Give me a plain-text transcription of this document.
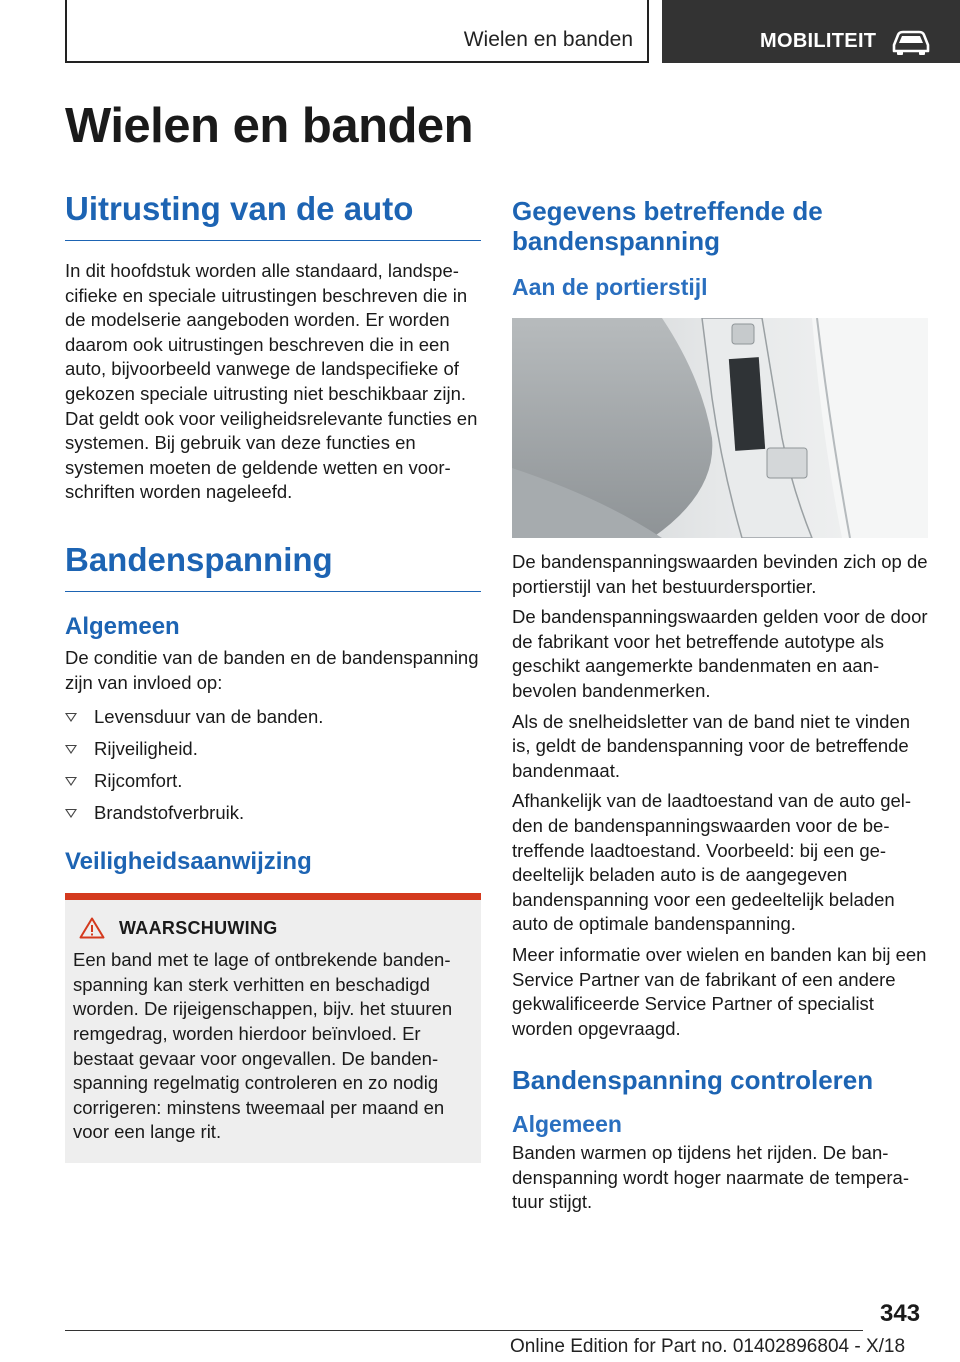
Wielen en banden	MOBILITEIT
Wielen en banden
Uitrusting van de auto

In dit hoofdstuk worden alle standaard, landspecifieke en speciale uitrustingen beschreven die in de modelserie aangeboden worden. Er worden daarom ook uitrustingen beschreven die in een auto, bijvoorbeeld vanwege de landspecifieke of gekozen speciale uitrusting niet beschikbaar zijn. Dat geldt ook voor veiligheidsrelevante functies en systemen. Bij gebruik van deze functies en systemen moeten de geldende wetten en voorschriften worden nageleefd.

Bandenspanning
Algemeen

De conditie van de banden en de bandenspanning zijn van invloed op:

Levensduur van de banden.
Rijveiligheid.
Rijcomfort.
Brandstofverbruik.
Veiligheidsaanwijzing
WAARSCHUWING

Een band met te lage of ontbrekende bandenspanning kan sterk verhitten en beschadigd worden. De rijeigenschappen, bijv. het stuuren remgedrag, worden hierdoor beïnvloed. Er bestaat gevaar voor ongevallen. De bandenspanning regelmatig controleren en zo nodig corrigeren: minstens tweemaal per maand en voor een lange rit.

Gegevens betreffende de bandenspanning
Aan de portierstijl

De bandenspanningswaarden bevinden zich op de portierstijl van het bestuurdersportier.

De bandenspanningswaarden gelden voor de door de fabrikant voor het betreffende autotype als geschikt aangemerkte bandenmaten en aanbevolen bandenmerken.

Als de snelheidsletter van de band niet te vinden is, geldt de bandenspanning voor de betreffende bandenmaat.

Afhankelijk van de laadtoestand van de auto gelden de bandenspanningswaarden voor de betreffende laadtoestand. Voorbeeld: bij een gedeeltelijk beladen auto is de aangegeven bandenspanning voor een gedeeltelijk beladen auto de optimale bandenspanning.

Meer informatie over wielen en banden kan bij een Service Partner van de fabrikant of een andere gekwalificeerde Service Partner of specialist worden opgevraagd.

Bandenspanning controleren
Algemeen

Banden warmen op tijdens het rijden. De bandenspanning wordt hoger naarmate de temperatuur stijgt.

343
Online Edition for Part no. 01402896804 - X/18
